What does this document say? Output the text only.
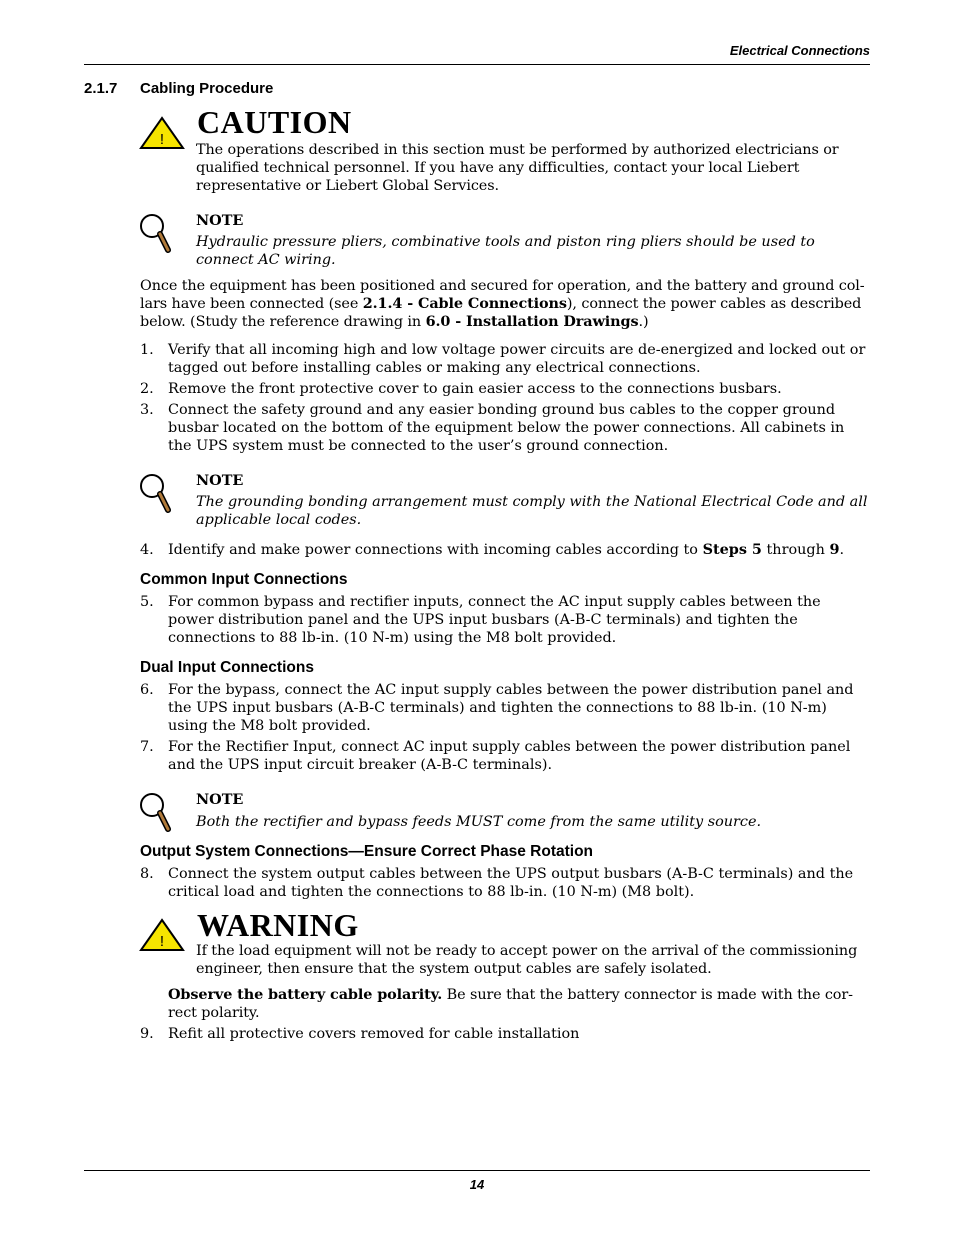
Electrical Connections
2.1.7 Cabling Procedure
! CAUTION
The operations described in this section must be performed by authorized electricians or qualified technical personnel. If you have any difficulties, contact your local Liebert representative or Liebert Global Services.
NOTE
Hydraulic pressure pliers, combinative tools and piston ring pliers should be used to connect AC wiring.
Once the equipment has been positioned and secured for operation, and the battery and ground col-lars have been connected (see 2.1.4 - Cable Connections), connect the power cables as described below. (Study the reference drawing in 6.0 - Installation Drawings.)
1. Verify that all incoming high and low voltage power circuits are de-energized and locked out or tagged out before installing cables or making any electrical connections.
2. Remove the front protective cover to gain easier access to the connections busbars.
3. Connect the safety ground and any easier bonding ground bus cables to the copper ground busbar located on the bottom of the equipment below the power connections. All cabinets in the UPS system must be connected to the user’s ground connection.
NOTE
The grounding bonding arrangement must comply with the National Electrical Code and all applicable local codes.
4. Identify and make power connections with incoming cables according to Steps 5 through 9.
Common Input Connections
5. For common bypass and rectifier inputs, connect the AC input supply cables between the power distribution panel and the UPS input busbars (A-B-C terminals) and tighten the connections to 88 lb-in. (10 N-m) using the M8 bolt provided.
Dual Input Connections
6. For the bypass, connect the AC input supply cables between the power distribution panel and the UPS input busbars (A-B-C terminals) and tighten the connections to 88 lb-in. (10 N-m) using the M8 bolt provided.
7. For the Rectifier Input, connect AC input supply cables between the power distribution panel and the UPS input circuit breaker (A-B-C terminals).
NOTE
Both the rectifier and bypass feeds MUST come from the same utility source.
Output System Connections—Ensure Correct Phase Rotation
8. Connect the system output cables between the UPS output busbars (A-B-C terminals) and the critical load and tighten the connections to 88 lb-in. (10 N-m) (M8 bolt).
! WARNING
If the load equipment will not be ready to accept power on the arrival of the commissioning engineer, then ensure that the system output cables are safely isolated.
Observe the battery cable polarity. Be sure that the battery connector is made with the cor-rect polarity.
9. Refit all protective covers removed for cable installation
14
